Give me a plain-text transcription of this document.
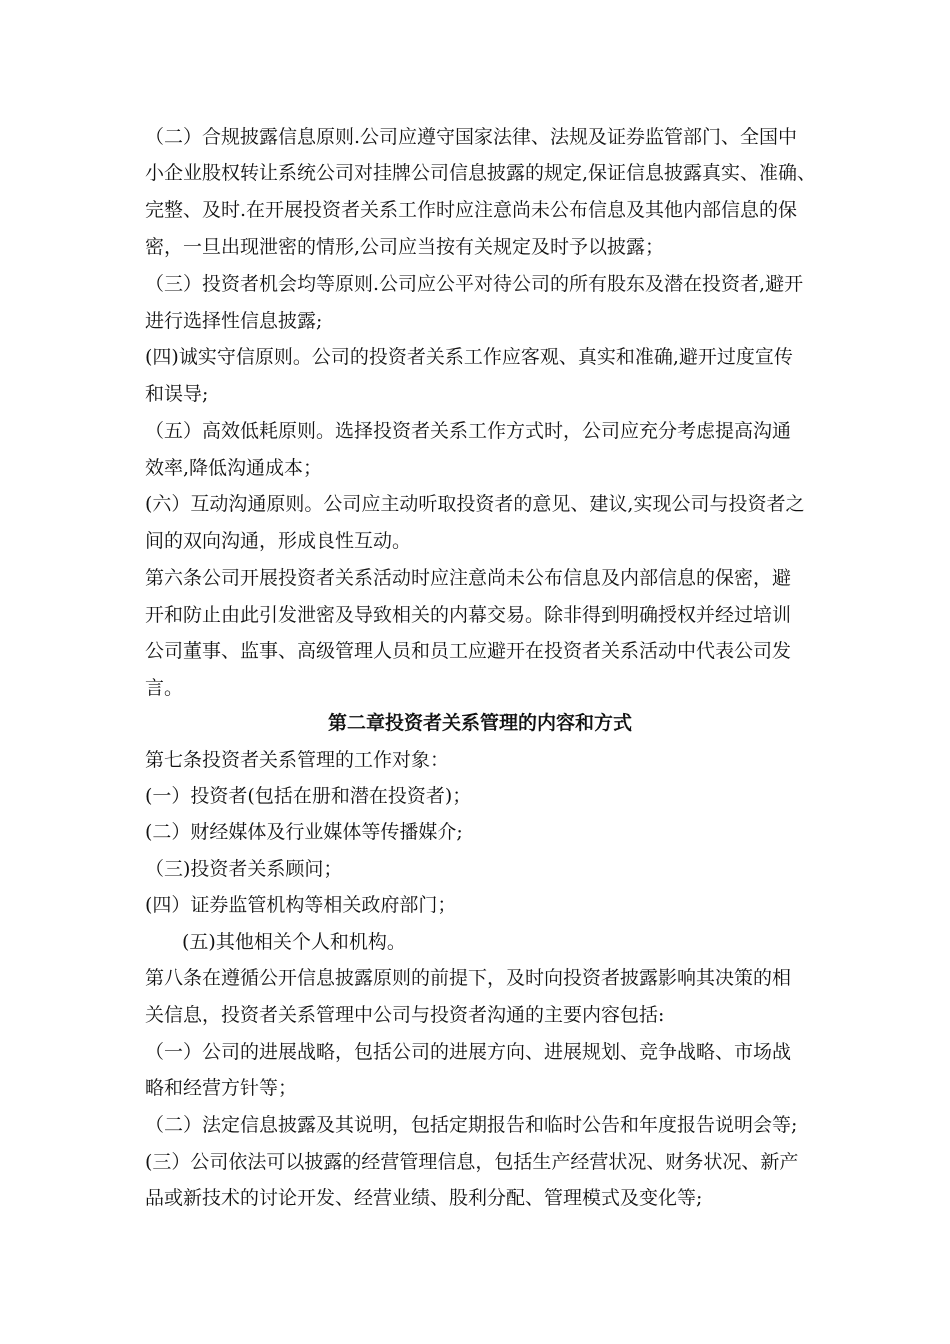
（二）合规披露信息原则.公司应遵守国家法律、法规及证券监管部门、全国中
小企业股权转让系统公司对挂牌公司信息披露的规定,保证信息披露真实、准确、
完整、及时.在开展投资者关系工作时应注意尚未公布信息及其他内部信息的保
密，一旦出现泄密的情形,公司应当按有关规定及时予以披露；
（三）投资者机会均等原则.公司应公平对待公司的所有股东及潜在投资者,避开
进行选择性信息披露;
(四)诚实守信原则。公司的投资者关系工作应客观、真实和准确,避开过度宣传
和误导;
（五）高效低耗原则。选择投资者关系工作方式时，公司应充分考虑提高沟通
效率,降低沟通成本；
(六）互动沟通原则。公司应主动听取投资者的意见、建议,实现公司与投资者之
间的双向沟通，形成良性互动。
第六条公司开展投资者关系活动时应注意尚未公布信息及内部信息的保密，避
开和防止由此引发泄密及导致相关的内幕交易。除非得到明确授权并经过培训
公司董事、监事、高级管理人员和员工应避开在投资者关系活动中代表公司发
言。
第二章投资者关系管理的内容和方式
第七条投资者关系管理的工作对象：
(一）投资者(包括在册和潜在投资者)；
(二）财经媒体及行业媒体等传播媒介;
（三)投资者关系顾问；
(四）证券监管机构等相关政府部门；
(五)其他相关个人和机构。
第八条在遵循公开信息披露原则的前提下，及时向投资者披露影响其决策的相
关信息，投资者关系管理中公司与投资者沟通的主要内容包括:
（一）公司的进展战略，包括公司的进展方向、进展规划、竞争战略、市场战
略和经营方针等；
（二）法定信息披露及其说明，包括定期报告和临时公告和年度报告说明会等;
(三）公司依法可以披露的经营管理信息，包括生产经营状况、财务状况、新产
品或新技术的讨论开发、经营业绩、股利分配、管理模式及变化等;
